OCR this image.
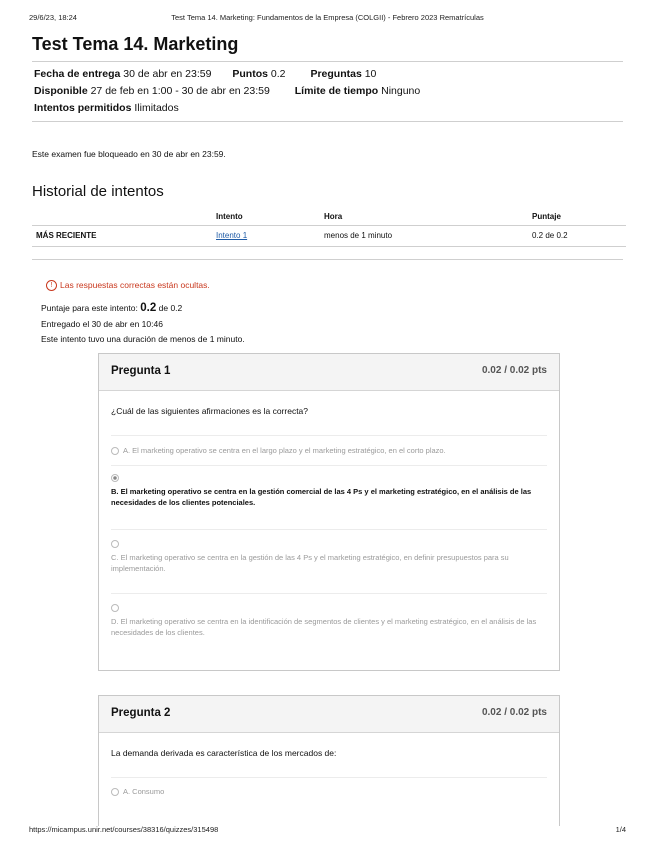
29/6/23, 18:24	Test Tema 14. Marketing: Fundamentos de la Empresa (COLGII) - Febrero 2023 Rematrículas
Test Tema 14. Marketing
Fecha de entrega 30 de abr en 23:59 Puntos 0.2 Preguntas 10
Disponible 27 de feb en 1:00 - 30 de abr en 23:59 Límite de tiempo Ninguno
Intentos permitidos Ilimitados
Este examen fue bloqueado en 30 de abr en 23:59.
Historial de intentos
	Intento	Hora	Puntaje
MÁS RECIENTE	Intento 1	menos de 1 minuto	0.2 de 0.2
! Las respuestas correctas están ocultas.
Puntaje para este intento: 0.2 de 0.2
Entregado el 30 de abr en 10:46
Este intento tuvo una duración de menos de 1 minuto.
Pregunta 1	0.02 / 0.02 pts
¿Cuál de las siguientes afirmaciones es la correcta?
A. El marketing operativo se centra en el largo plazo y el marketing estratégico, en el corto plazo.
B. El marketing operativo se centra en la gestión comercial de las 4 Ps y el marketing estratégico, en el análisis de las necesidades de los clientes potenciales.
C. El marketing operativo se centra en la gestión de las 4 Ps y el marketing estratégico, en definir presupuestos para su implementación.
D. El marketing operativo se centra en la identificación de segmentos de clientes y el marketing estratégico, en el análisis de las necesidades de los clientes.
Pregunta 2	0.02 / 0.02 pts
La demanda derivada es característica de los mercados de:
A. Consumo
https://micampus.unir.net/courses/38316/quizzes/315498	1/4
